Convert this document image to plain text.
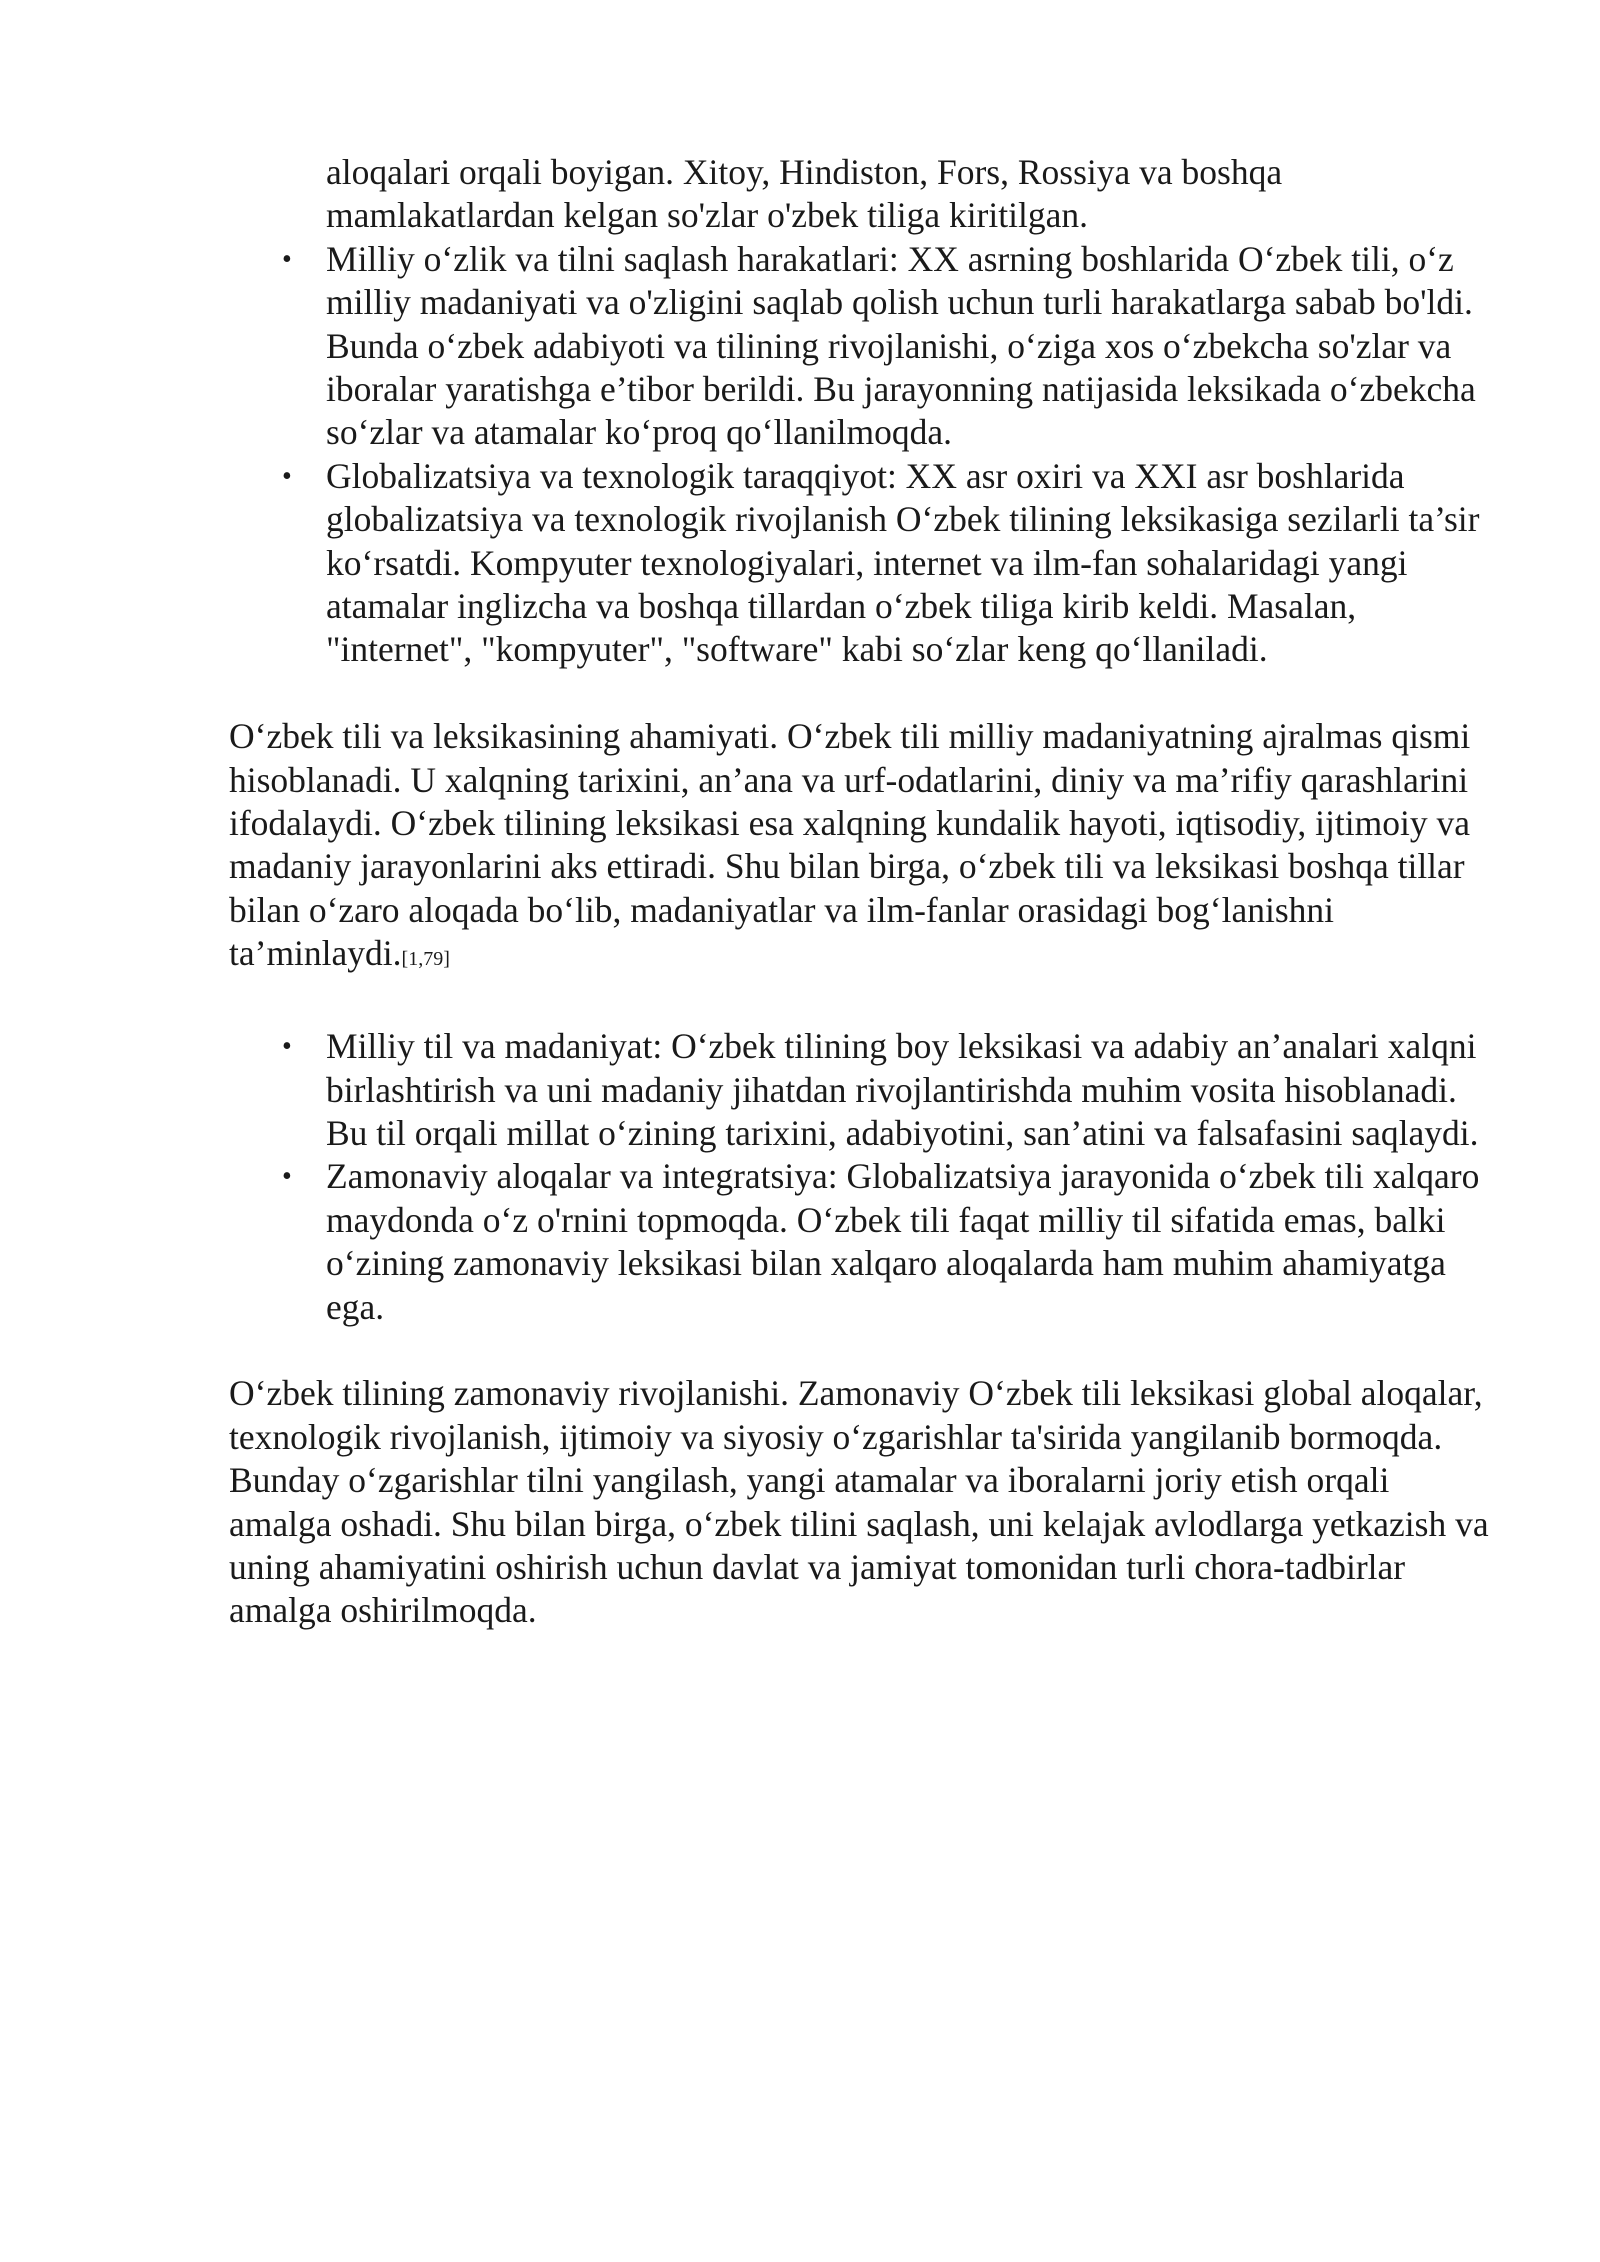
aloqalari orqali boyigan. Xitoy, Hindiston, Fors, Rossiya va boshqa mamlakatlardan kelgan so'zlar o'zbek tiliga kiritilgan.

• Milliy o‘zlik va tilni saqlash harakatlari: XX asrning boshlarida O‘zbek tili, o‘z milliy madaniyati va o'zligini saqlab qolish uchun turli harakatlarga sabab bo'ldi. Bunda o‘zbek adabiyoti va tilining rivojlanishi, o‘ziga xos o‘zbekcha so'zlar va iboralar yaratishga e’tibor berildi. Bu jarayonning natijasida leksikada o‘zbekcha so‘zlar va atamalar ko‘proq qo‘llanilmoqda.
• Globalizatsiya va texnologik taraqqiyot: XX asr oxiri va XXI asr boshlarida globalizatsiya va texnologik rivojlanish O‘zbek tilining leksikasiga sezilarli ta’sir ko‘rsatdi. Kompyuter texnologiyalari, internet va ilm-fan sohalaridagi yangi atamalar inglizcha va boshqa tillardan o‘zbek tiliga kirib keldi. Masalan, "internet", "kompyuter", "software" kabi so‘zlar keng qo‘llaniladi.

O‘zbek tili va leksikasining ahamiyati. O‘zbek tili milliy madaniyatning ajralmas qismi hisoblanadi. U xalqning tarixini, an’ana va urf-odatlarini, diniy va ma’rifiy qarashlarini ifodalaydi. O‘zbek tilining leksikasi esa xalqning kundalik hayoti, iqtisodiy, ijtimoiy va madaniy jarayonlarini aks ettiradi. Shu bilan birga, o‘zbek tili va leksikasi boshqa tillar bilan o‘zaro aloqada bo‘lib, madaniyatlar va ilm-fanlar orasidagi bog‘lanishni ta’minlaydi.[1,79]

• Milliy til va madaniyat: O‘zbek tilining boy leksikasi va adabiy an’analari xalqni birlashtirish va uni madaniy jihatdan rivojlantirishda muhim vosita hisoblanadi. Bu til orqali millat o‘zining tarixini, adabiyotini, san’atini va falsafasini saqlaydi.
• Zamonaviy aloqalar va integratsiya: Globalizatsiya jarayonida o‘zbek tili xalqaro maydonda o‘z o'rnini topmoqda. O‘zbek tili faqat milliy til sifatida emas, balki o‘zining zamonaviy leksikasi bilan xalqaro aloqalarda ham muhim ahamiyatga ega.

O‘zbek tilining zamonaviy rivojlanishi. Zamonaviy O‘zbek tili leksikasi global aloqalar, texnologik rivojlanish, ijtimoiy va siyosiy o‘zgarishlar ta'sirida yangilanib bormoqda. Bunday o‘zgarishlar tilni yangilash, yangi atamalar va iboralarni joriy etish orqali amalga oshadi. Shu bilan birga, o‘zbek tilini saqlash, uni kelajak avlodlarga yetkazish va uning ahamiyatini oshirish uchun davlat va jamiyat tomonidan turli chora-tadbirlar amalga oshirilmoqda.
